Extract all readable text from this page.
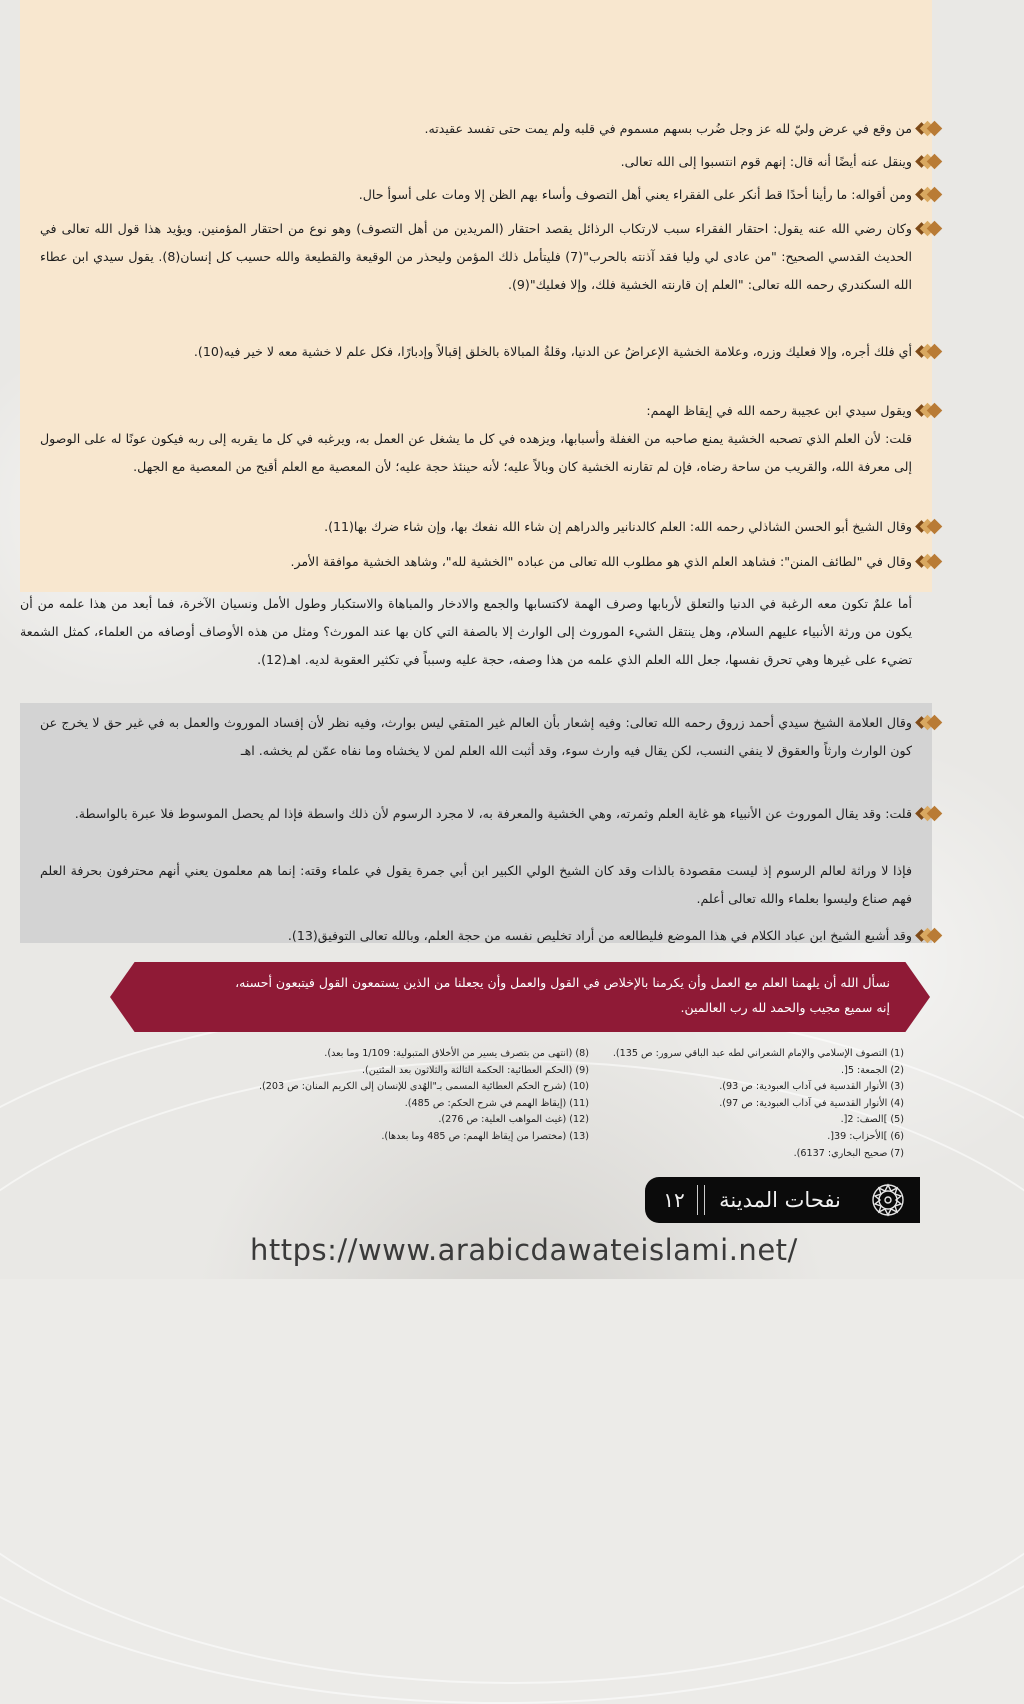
من وقع في عرض وليّ لله عز وجل ضُرب بسهم مسموم في قلبه ولم يمت حتى تفسد عقيدته.
وينقل عنه أيضًا أنه قال: إنهم قوم انتسبوا إلى الله تعالى.
ومن أقواله: ما رأينا أحدًا قط أنكر على الفقراء يعني أهل التصوف وأساء بهم الظن إلا ومات على أسوأ حال.
وكان رضي الله عنه يقول: احتقار الفقراء سبب لارتكاب الرذائل يقصد احتقار (المريدين من أهل التصوف) وهو نوع من احتقار المؤمنين. ويؤيد هذا قول الله تعالى في الحديث القدسي الصحيح: "من عادى لي وليا فقد آذنته بالحرب"(7) فليتأمل ذلك المؤمن وليحذر من الوقيعة والقطيعة والله حسيب كل إنسان(8). يقول سيدي ابن عطاء الله السكندري رحمه الله تعالى: "العلم إن قارنته الخشية فلك، وإلا فعليك"(9).
أي فلك أجره، وإلا فعليك وزره، وعلامة الخشية الإعراضُ عن الدنيا، وقلةُ المبالاة بالخلق إقبالاً وإدبارًا، فكل علم لا خشية معه لا خير فيه(10).
ويقول سيدي ابن عجيبة رحمه الله في إيقاظ الهمم:
قلت: لأن العلم الذي تصحبه الخشية يمنع صاحبه من الغفلة وأسبابها، ويزهده في كل ما يشغل عن العمل به، ويرغبه في كل ما يقربه إلى ربه فيكون عونًا له على الوصول إلى معرفة الله، والقريب من ساحة رضاه، فإن لم تقارنه الخشية كان وبالاً عليه؛ لأنه حينئذ حجة عليه؛ لأن المعصية مع العلم أقبح من المعصية مع الجهل.
وقال الشيخ أبو الحسن الشاذلي رحمه الله: العلم كالدنانير والدراهم إن شاء الله نفعك بها، وإن شاء ضرك بها(11).
وقال في "لطائف المنن": فشاهد العلم الذي هو مطلوب الله تعالى من عباده "الخشية لله"، وشاهد الخشية موافقة الأمر.
أما علمٌ تكون معه الرغبة في الدنيا والتعلق لأربابها وصرف الهمة لاكتسابها والجمع والادخار والمباهاة والاستكبار وطول الأمل ونسيان الآخرة، فما أبعد من هذا علمه من أن يكون من ورثة الأنبياء عليهم السلام، وهل ينتقل الشيء الموروث إلى الوارث إلا بالصفة التي كان بها عند المورث؟ ومثل من هذه الأوصاف أوصافه من العلماء، كمثل الشمعة تضيء على غيرها وهي تحرق نفسها، جعل الله العلم الذي علمه من هذا وصفه، حجة عليه وسبباً في تكثير العقوبة لديه. اهـ(12).
وقال العلامة الشيخ سيدي أحمد زروق رحمه الله تعالى: وفيه إشعار بأن العالم غير المتقي ليس بوارث، وفيه نظر لأن إفساد الموروث والعمل به في غير حق لا يخرج عن كون الوارث وارثاً والعقوق لا ينفي النسب، لكن يقال فيه وارث سوء، وقد أثبت الله العلم لمن لا يخشاه وما نفاه عمّن لم يخشه. اهـ
قلت: وقد يقال الموروث عن الأنبياء هو غاية العلم وثمرته، وهي الخشية والمعرفة به، لا مجرد الرسوم لأن ذلك واسطة فإذا لم يحصل الموسوط فلا عبرة بالواسطة.
فإذا لا وراثة لعالم الرسوم إذ ليست مقصودة بالذات وقد كان الشيخ الولي الكبير ابن أبي جمرة يقول في علماء وقته: إنما هم معلمون يعني أنهم محترفون بحرفة العلم فهم صناع وليسوا بعلماء والله تعالى أعلم.
وقد أشبع الشيخ ابن عباد الكلام في هذا الموضع فليطالعه من أراد تخليص نفسه من حجة العلم، وبالله تعالى التوفيق(13).
نسأل الله أن يلهمنا العلم مع العمل وأن يكرمنا بالإخلاص في القول والعمل وأن يجعلنا من الذين يستمعون القول فيتبعون أحسنه،
إنه سميع مجيب والحمد لله رب العالمين.
(1) التصوف الإسلامي والإمام الشعراني لطه عبد الباقي سرور: ص 135).
(2) الجمعة: 5[.
(3) الأنوار القدسية في آداب العبودية: ص 93).
(4) الأنوار القدسية في آداب العبودية: ص 97).
(5) ]الصف: 2[.
(6) ]الأحزاب: 39[.
(7) صحيح البخاري: 6137).
(8) (انتهى من بتصرف يسير من الأخلاق المتبولية: 1/109 وما بعد).
(9) (الحكم العطائية: الحكمة الثالثة والثلاثون بعد المئتين).
(10) (شرح الحكم العطائية المسمى بـ"الهُدى للإنسان إلى الكريم المنان: ص 203).
(11) (إيقاظ الهمم في شرح الحكم: ص 485).
(12) (غيث المواهب العلية: ص 276).
(13) (مختصرا من إيقاظ الهمم: ص 485 وما بعدها).
١٢	نفحات المدينة
https://www.arabicdawateislami.net/
